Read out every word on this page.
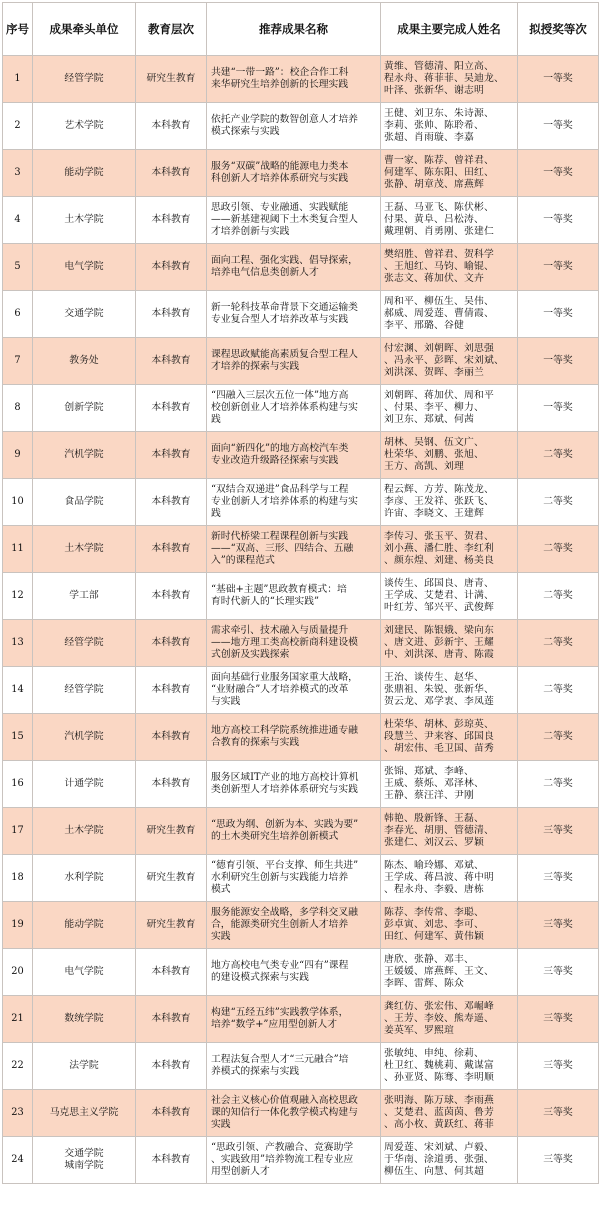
序号	成果牵头单位	教育层次	推荐成果名称	成果主要完成人姓名	拟授奖等次
1	经管学院	研究生教育	共建“一带一路”：校企合作工科
来华研究生培养创新的长理实践	黄维、管德清、阳立高、
程永舟、蒋菲菲、吴迪龙、
叶泽、张新华、谢志明	一等奖
2	艺术学院	本科教育	依托产业学院的数智创意人才培养
模式探索与实践	王健、刘卫东、朱诗源、
李莉、张帅、陈聆希、
张超、肖雨璇、李嘉	一等奖
3	能动学院	本科教育	服务“双碳”战略的能源电力类本
科创新人才培养体系研究与实践	曹一家、陈荐、曾祥君、
何建军、陈东阳、田红、
张静、胡章茂、席燕辉	一等奖
4	土木学院	本科教育	思政引领、专业融通、实践赋能
——新基建视阈下土木类复合型人
才培养创新与实践	王磊、马亚飞、陈伏彬、
付果、黄阜、吕松涛、
戴理朝、肖勇刚、张建仁	一等奖
5	电气学院	本科教育	面向工程、强化实践、倡导探索，
培养电气信息类创新人才	樊绍胜、曾祥君、贺科学
、王旭红、马钧、喻锟、
张志文、蒋加伏、文卉	一等奖
6	交通学院	本科教育	新一轮科技革命背景下交通运输类
专业复合型人才培养改革与实践	周和平、柳伍生、吴伟、
郝威、周爱莲、曹倩霞、
李平、邢璐、谷健	一等奖
7	教务处	本科教育	课程思政赋能高素质复合型工程人
才培养的探索与实践	付宏渊、刘朝晖、刘思强
、冯永平、彭晖、宋刘斌、
刘洪深、贺晖、李丽兰	一等奖
8	创新学院	本科教育	“四融入三层次五位一体”地方高
校创新创业人才培养体系构建与实
践	刘朝晖、蒋加伏、周和平
、付果、李平、柳力、
刘卫东、郑斌、何茜	一等奖
9	汽机学院	本科教育	面向“新四化”的地方高校汽车类
专业改造升级路径探索与实践	胡林、吴钢、伍文广、
杜荣华、刘鹏、张旭、
王方、高凯、刘理	二等奖
10	食品学院	本科教育	“双结合双递进”食品科学与工程
专业创新人才培养体系的构建与实
践	程云辉、方芳、陈茂龙、
李彦、王发祥、张跃飞、
许宙、李晓文、王建辉	二等奖
11	土木学院	本科教育	新时代桥梁工程课程创新与实践
——“双高、三形、四结合、五融
入”的课程范式	李传习、张玉平、贺君、
刘小燕、潘仁胜、李红利
、颜东煌、刘建、杨美良	二等奖
12	学工部	本科教育	“基础+主题”思政教育模式：培
育时代新人的“长理实践”	谈传生、邱国良、唐青、
王学成、艾楚君、计满、
叶红芳、邹兴平、武俊辉	二等奖
13	经管学院	本科教育	需求牵引、技术融入与质量提升
——地方理工类高校新商科建设模
式创新及实践探索	刘建民、陈银娥、梁向东
、唐文进、彭新宇、王耀
中、刘洪深、唐青、陈霞	二等奖
14	经管学院	本科教育	面向基础行业服务国家重大战略，
“业财融合”人才培养模式的改革
与实践	王治、谈传生、赵华、
张鼎祖、朱锐、张新华、
贺云龙、邓学衷、李凤莲	二等奖
15	汽机学院	本科教育	地方高校工科学院系统推进通专融
合教育的探索与实践	杜荣华、胡林、彭琼英、
段慧兰、尹来容、邱国良
、胡宏伟、毛卫国、苗秀	二等奖
16	计通学院	本科教育	服务区域IT产业的地方高校计算机
类创新型人才培养体系研究与实践	张锦、郑斌、李峰、
王威、蔡烁、邓泽林、
王静、蔡汪洋、尹刚	二等奖
17	土木学院	研究生教育	“思政为纲、创新为本、实践为要”
的土木类研究生培养创新模式	韩艳、殷新锋、王磊、
李春光、胡朋、管德清、
张建仁、刘汉云、罗颖	三等奖
18	水利学院	研究生教育	“德育引领、平台支撑、师生共进”
水利研究生创新与实践能力培养
模式	陈杰、喻玲娜、邓斌、
王学成、蒋昌波、蒋中明
、程永舟、李毅、唐栋	三等奖
19	能动学院	研究生教育	服务能源安全战略，多学科交叉融
合，能源类研究生创新人才培养
实践	陈荐、李传常、李聪、
彭卓寅、刘忠、李可、
田红、何建军、黄伟颖	三等奖
20	电气学院	本科教育	地方高校电气类专业“四有”课程
的建设模式探索与实践	唐欣、张静、邓丰、
王媛媛、席燕辉、王文、
李晖、雷辉、陈众	三等奖
21	数统学院	本科教育	构建“五经五纬”实践教学体系，
培养“数学+”应用型创新人才	龚红仿、张宏伟、邓崛峰
、王芳、李姣、熊寿遥、
姜英军、罗熙瑄	三等奖
22	法学院	本科教育	工程法复合型人才“三元融合”培
养模式的探索与实践	张敏纯、申纯、徐莉、
杜卫红、魏桃莉、戴谋富
、孙亚贤、陈骞、李明顺	三等奖
23	马克思主义学院	本科教育	社会主义核心价值观融入高校思政
课的知信行一体化教学模式构建与
实践	张明海、陈万球、李雨燕
、艾楚君、蓝茵茵、鲁芳
、高小枚、黄跃红、蒋菲	三等奖
24	交通学院
城南学院	本科教育	“思政引领、产教融合、竞赛助学
、实践致用”培养物流工程专业应
用型创新人才	周爱莲、宋刘斌、卢毅、
于华南、涂道勇、张强、
柳伍生、向慧、何其超	三等奖
